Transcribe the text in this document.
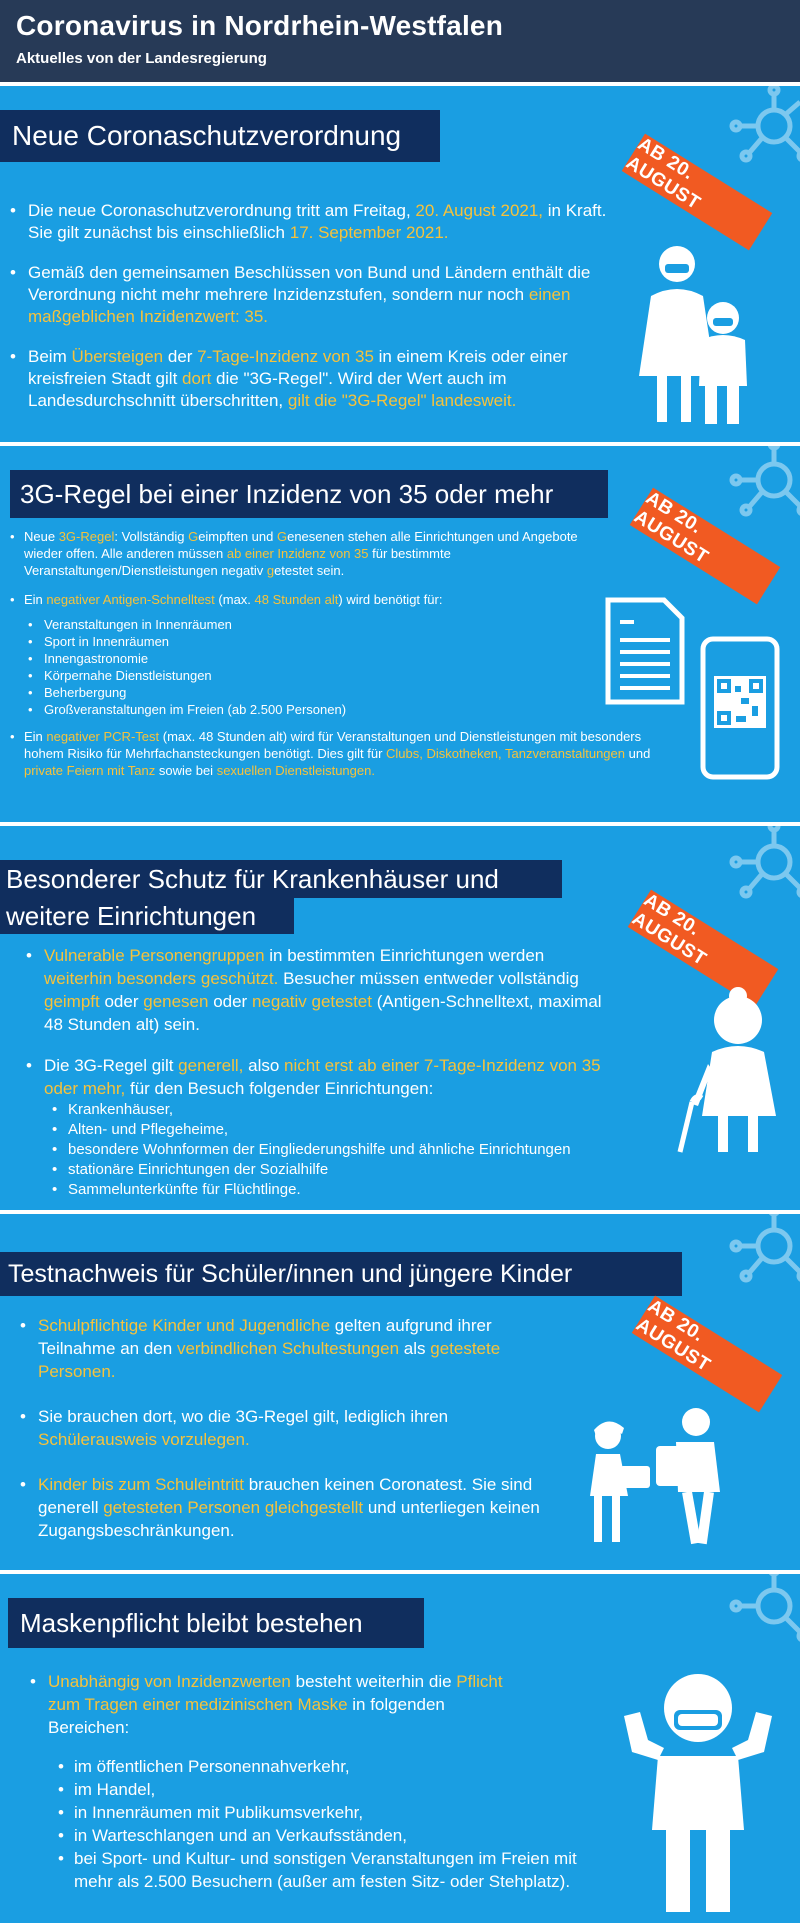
Coronavirus in Nordrhein-Westfalen
Aktuelles von der Landesregierung
Neue Coronaschutzverordnung	AB 20. AUGUST
• Die neue Coronaschutzverordnung tritt am Freitag, 20. August 2021, in Kraft. Sie gilt zunächst bis einschließlich 17. September 2021.
• Gemäß den gemeinsamen Beschlüssen von Bund und Ländern enthält die Verordnung nicht mehr mehrere Inzidenzstufen, sondern nur noch einen maßgeblichen Inzidenzwert: 35.
• Beim Übersteigen der 7-Tage-Inzidenz von 35 in einem Kreis oder einer kreisfreien Stadt gilt dort die "3G-Regel". Wird der Wert auch im Landesdurchschnitt überschritten, gilt die "3G-Regel" landesweit.
3G-Regel bei einer Inzidenz von 35 oder mehr	AB 20. AUGUST
• Neue 3G-Regel: Vollständig Geimpften und Genesenen stehen alle Einrichtungen und Angebote wieder offen. Alle anderen müssen ab einer Inzidenz von 35 für bestimmte Veranstaltungen/Dienstleistungen negativ getestet sein.
• Ein negativer Antigen-Schnelltest (max. 48 Stunden alt) wird benötigt für:
• Veranstaltungen in Innenräumen
• Sport in Innenräumen
• Innengastronomie
• Körpernahe Dienstleistungen
• Beherbergung
• Großveranstaltungen im Freien (ab 2.500 Personen)
• Ein negativer PCR-Test (max. 48 Stunden alt) wird für Veranstaltungen und Dienstleistungen mit besonders hohem Risiko für Mehrfachansteckungen benötigt. Dies gilt für Clubs, Diskotheken, Tanzveranstaltungen und private Feiern mit Tanz sowie bei sexuellen Dienstleistungen.
Besonderer Schutz für Krankenhäuser und
weitere Einrichtungen	AB 20. AUGUST
• Vulnerable Personengruppen in bestimmten Einrichtungen werden weiterhin besonders geschützt. Besucher müssen entweder vollständig geimpft oder genesen oder negativ getestet (Antigen-Schnelltext, maximal 48 Stunden alt) sein.
• Die 3G-Regel gilt generell, also nicht erst ab einer 7-Tage-Inzidenz von 35 oder mehr, für den Besuch folgender Einrichtungen:
• Krankenhäuser,
• Alten- und Pflegeheime,
• besondere Wohnformen der Eingliederungshilfe und ähnliche Einrichtungen
• stationäre Einrichtungen der Sozialhilfe
• Sammelunterkünfte für Flüchtlinge.
Testnachweis für Schüler/innen und jüngere Kinder
AB 20. AUGUST
• Schulpflichtige Kinder und Jugendliche gelten aufgrund ihrer Teilnahme an den verbindlichen Schultestungen als getestete Personen.
• Sie brauchen dort, wo die 3G-Regel gilt, lediglich ihren Schülerausweis vorzulegen.
• Kinder bis zum Schuleintritt brauchen keinen Coronatest. Sie sind generell getesteten Personen gleichgestellt und unterliegen keinen Zugangsbeschränkungen.
Maskenpflicht bleibt bestehen
• Unabhängig von Inzidenzwerten besteht weiterhin die Pflicht zum Tragen einer medizinischen Maske in folgenden Bereichen:
• im öffentlichen Personennahverkehr,
• im Handel,
• in Innenräumen mit Publikumsverkehr,
• in Warteschlangen und an Verkaufsständen,
• bei Sport- und Kultur- und sonstigen Veranstaltungen im Freien mit mehr als 2.500 Besuchern (außer am festen Sitz- oder Stehplatz).
